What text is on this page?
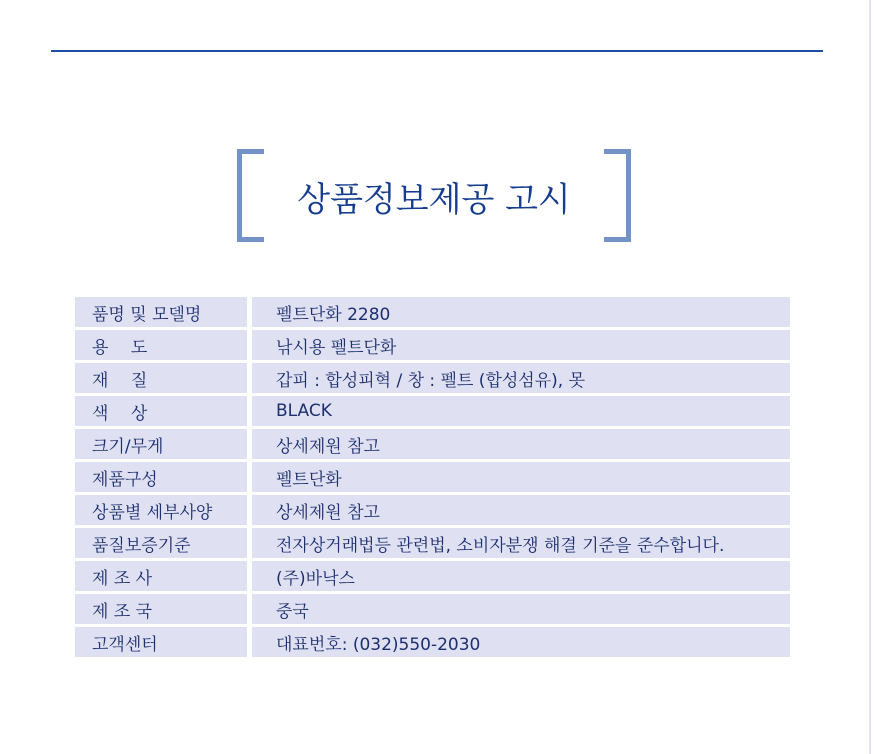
상품정보제공 고시
품명 및 모델명	펠트단화 2280
용　 도	낚시용 펠트단화
재　 질	갑피 : 합성피혁 / 창 : 펠트 (합성섬유), 못
색　 상	BLACK
크기/무게	상세제원 참고
제품구성	펠트단화
상품별 세부사양	상세제원 참고
품질보증기준	전자상거래법등 관련법, 소비자분쟁 해결 기준을 준수합니다.
제 조 사	(주)바낙스
제 조 국	중국
고객센터	대표번호: (032)550-2030
